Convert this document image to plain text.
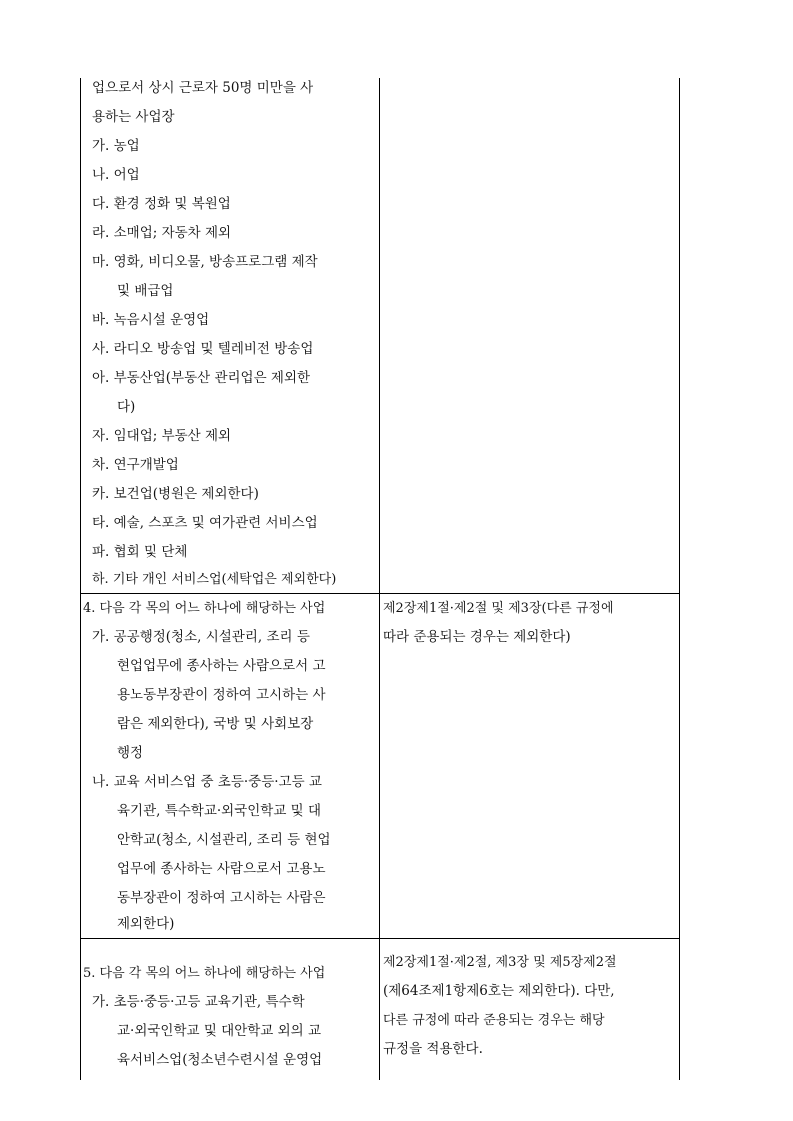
업으로서 상시 근로자 50명 미만을 사
용하는 사업장
가. 농업
나. 어업
다. 환경 정화 및 복원업
라. 소매업; 자동차 제외
마. 영화, 비디오물, 방송프로그램 제작
및 배급업
바. 녹음시설 운영업
사. 라디오 방송업 및 텔레비전 방송업
아. 부동산업(부동산 관리업은 제외한
다)
자. 임대업; 부동산 제외
차. 연구개발업
카. 보건업(병원은 제외한다)
타. 예술, 스포츠 및 여가관련 서비스업
파. 협회 및 단체
하. 기타 개인 서비스업(세탁업은 제외한다)
4. 다음 각 목의 어느 하나에 해당하는 사업
가. 공공행정(청소, 시설관리, 조리 등
현업업무에 종사하는 사람으로서 고
용노동부장관이 정하여 고시하는 사
람은 제외한다), 국방 및 사회보장
행정
나. 교육 서비스업 중 초등·중등·고등 교
육기관, 특수학교·외국인학교 및 대
안학교(청소, 시설관리, 조리 등 현업
업무에 종사하는 사람으로서 고용노
동부장관이 정하여 고시하는 사람은
제외한다)
제2장제1절·제2절 및 제3장(다른 규정에
따라 준용되는 경우는 제외한다)
5. 다음 각 목의 어느 하나에 해당하는 사업
가. 초등·중등·고등 교육기관, 특수학
교·외국인학교 및 대안학교 외의 교
육서비스업(청소년수련시설 운영업
제2장제1절·제2절, 제3장 및 제5장제2절
(제64조제1항제6호는 제외한다). 다만,
다른 규정에 따라 준용되는 경우는 해당
규정을 적용한다.
